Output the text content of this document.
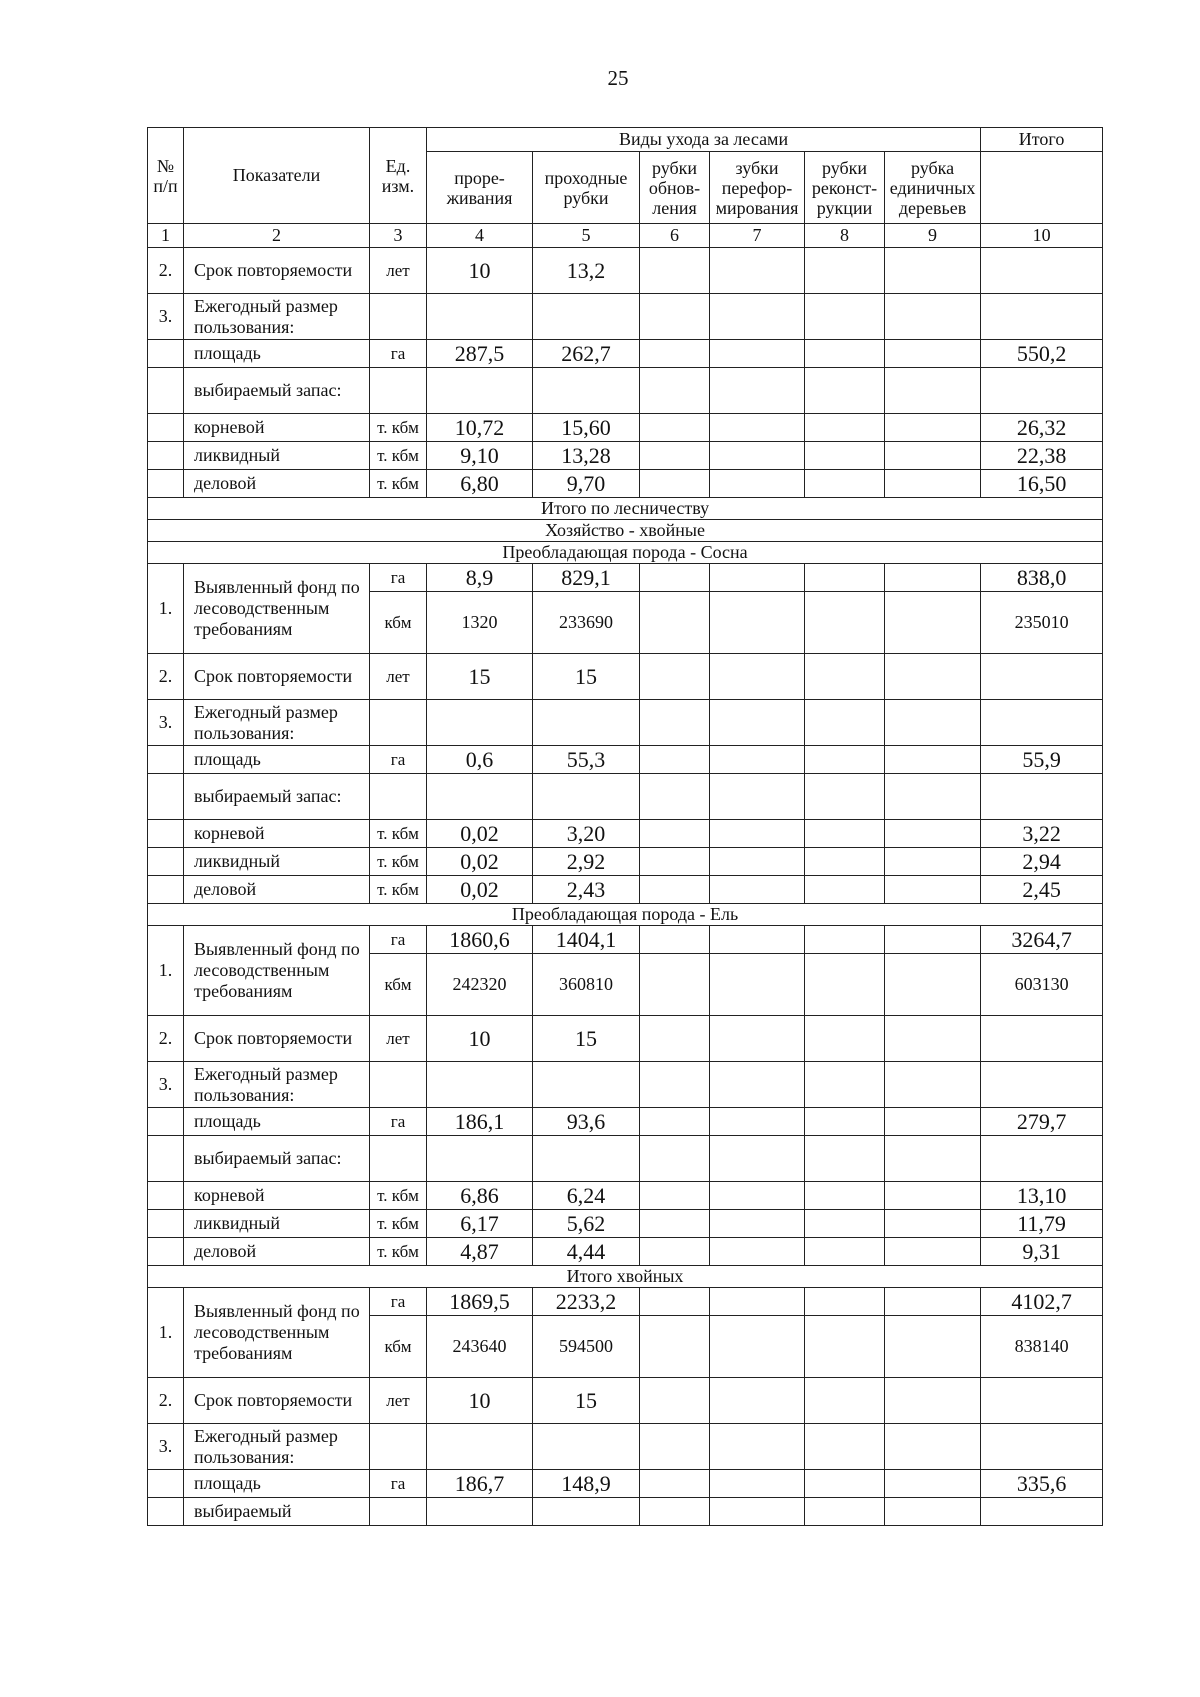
25
№ п/п	Показатели	Ед. изм.	Виды ухода за лесами						Итого
			проре-живания	проходные рубки	рубки обнов-ления	зубки перефор-мирования	рубки реконст-рукции	рубка единичных деревьев	
1	2	3	4	5	6	7	8	9	10
2.	Срок повторяемости	лет	10	13,2					
3.	Ежегодный размер пользования:								
	площадь	га	287,5	262,7					550,2
	выбираемый запас:								
	корневой	т. кбм	10,72	15,60					26,32
	ликвидный	т. кбм	9,10	13,28					22,38
	деловой	т. кбм	6,80	9,70					16,50
Итого по лесничеству									
Хозяйство - хвойные									
Преобладающая порода - Сосна									
1.	Выявленный фонд по лесоводственным требованиям	га	8,9	829,1					838,0
		кбм	1320	233690					235010
2.	Срок повторяемости	лет	15	15					
3.	Ежегодный размер пользования:								
	площадь	га	0,6	55,3					55,9
	выбираемый запас:								
	корневой	т. кбм	0,02	3,20					3,22
	ликвидный	т. кбм	0,02	2,92					2,94
	деловой	т. кбм	0,02	2,43					2,45
Преобладающая порода - Ель									
1.	Выявленный фонд по лесоводственным требованиям	га	1860,6	1404,1					3264,7
		кбм	242320	360810					603130
2.	Срок повторяемости	лет	10	15					
3.	Ежегодный размер пользования:								
	площадь	га	186,1	93,6					279,7
	выбираемый запас:								
	корневой	т. кбм	6,86	6,24					13,10
	ликвидный	т. кбм	6,17	5,62					11,79
	деловой	т. кбм	4,87	4,44					9,31
Итого хвойных									
1.	Выявленный фонд по лесоводственным требованиям	га	1869,5	2233,2					4102,7
		кбм	243640	594500					838140
2.	Срок повторяемости	лет	10	15					
3.	Ежегодный размер пользования:								
	площадь	га	186,7	148,9					335,6
	выбираемый								
